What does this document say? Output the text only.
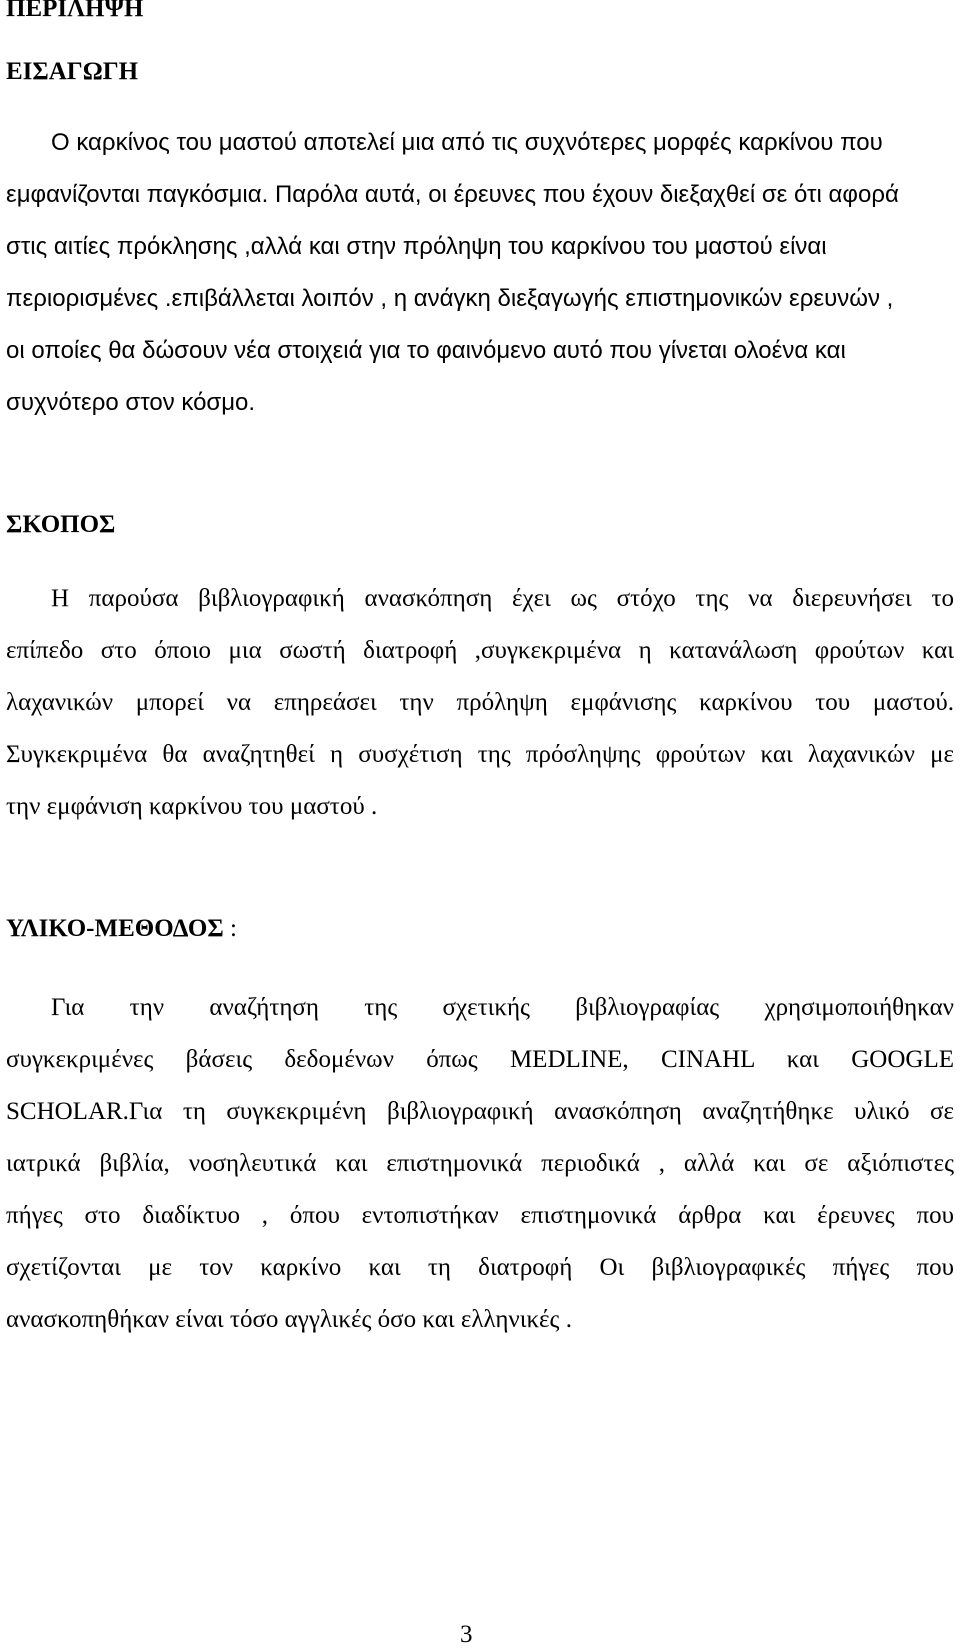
ΠΕΡΙΛΗΨΗ
ΕΙΣΑΓΩΓΗ
Ο καρκίνος του μαστού αποτελεί μια από τις συχνότερες μορφές καρκίνου που
εμφανίζονται παγκόσμια. Παρόλα αυτά, οι έρευνες που έχουν διεξαχθεί σε ότι αφορά
στις αιτίες πρόκλησης ,αλλά και στην πρόληψη του καρκίνου του μαστού είναι
περιορισμένες .επιβάλλεται λοιπόν , η ανάγκη διεξαγωγής επιστημονικών ερευνών ,
οι οποίες θα δώσουν νέα στοιχειά για το φαινόμενο αυτό που γίνεται ολοένα και
συχνότερο στον κόσμο.
ΣΚΟΠΟΣ
Η παρούσα βιβλιογραφική ανασκόπηση έχει ως στόχο της να διερευνήσει το
επίπεδο στο όποιο μια σωστή διατροφή ,συγκεκριμένα η κατανάλωση φρούτων και
λαχανικών μπορεί να επηρεάσει την πρόληψη εμφάνισης καρκίνου του μαστού.
Συγκεκριμένα θα αναζητηθεί η συσχέτιση της πρόσληψης φρούτων και λαχανικών με
την εμφάνιση καρκίνου του μαστού .
ΥΛΙΚΟ-ΜΕΘΟΔΟΣ :
Για την αναζήτηση της σχετικής βιβλιογραφίας χρησιμοποιήθηκαν
συγκεκριμένες βάσεις δεδομένων όπως MEDLINE, CINAHL και GOOGLE
SCHOLAR.Για τη συγκεκριμένη βιβλιογραφική ανασκόπηση αναζητήθηκε υλικό σε
ιατρικά βιβλία, νοσηλευτικά και επιστημονικά περιοδικά , αλλά και σε αξιόπιστες
πήγες στο διαδίκτυο , όπου εντοπιστήκαν επιστημονικά άρθρα και έρευνες που
σχετίζονται με τον καρκίνο και τη διατροφή Οι βιβλιογραφικές πήγες που
ανασκοπηθήκαν είναι τόσο αγγλικές όσο και ελληνικές .
3
